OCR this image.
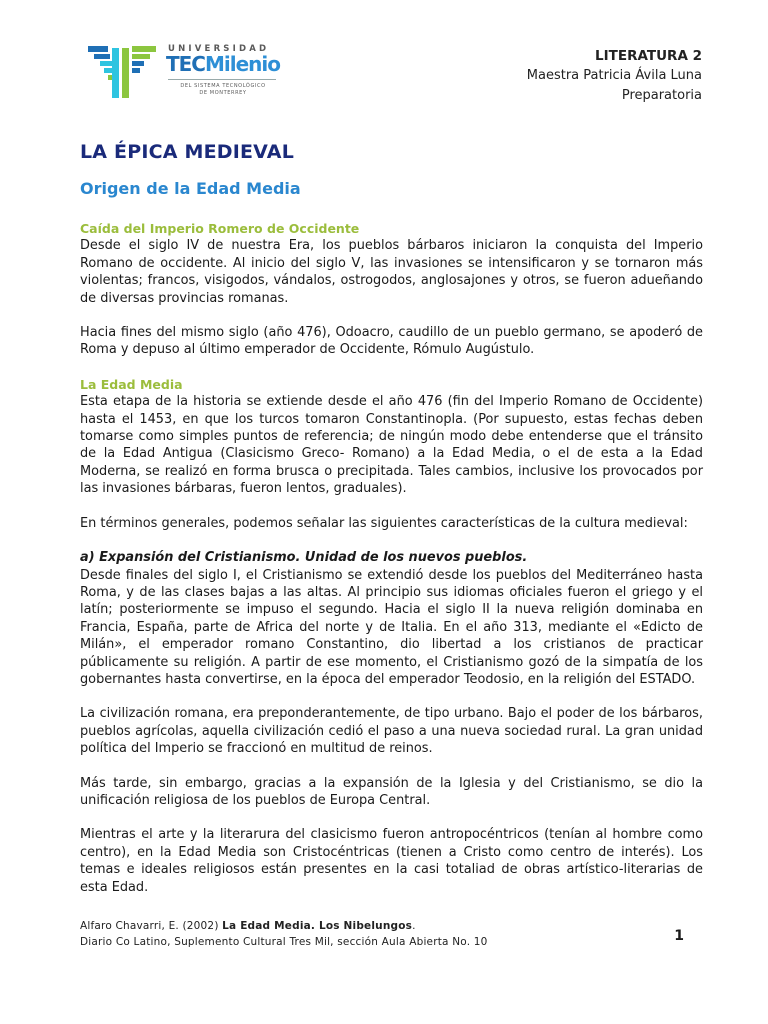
UNIVERSIDAD
TECMilenio
DEL SISTEMA TECNOLÓGICO
DE MONTERREY
LITERATURA 2
Maestra Patricia Ávila Luna
Preparatoria
LA ÉPICA MEDIEVAL
Origen de la Edad Media

Caída del Imperio Romero de Occidente

Desde el siglo IV de nuestra Era, los pueblos bárbaros iniciaron la conquista del Imperio Romano de occidente. Al inicio del siglo V, las invasiones se intensificaron y se tornaron más violentas; francos, visigodos, vándalos, ostrogodos, anglosajones y otros, se fueron adueñando de diversas provincias romanas.

Hacia fines del mismo siglo (año 476), Odoacro, caudillo de un pueblo germano, se apoderó de Roma y depuso al último emperador de Occidente, Rómulo Augústulo.

La Edad Media

Esta etapa de la historia se extiende desde el año 476 (fin del Imperio Romano de Occidente) hasta el 1453, en que los turcos tomaron Constantinopla. (Por supuesto, estas fechas deben tomarse como simples puntos de referencia; de ningún modo debe entenderse que el tránsito de la Edad Antigua (Clasicismo Greco- Romano) a la Edad Media, o el de esta a la Edad Moderna, se realizó en forma brusca o precipitada. Tales cambios, inclusive los provocados por las invasiones bárbaras, fueron lentos, graduales).

En términos generales, podemos señalar las siguientes características de la cultura medieval:

a) Expansión del Cristianismo. Unidad de los nuevos pueblos.

Desde finales del siglo I, el Cristianismo se extendió desde los pueblos del Mediterráneo hasta Roma, y de las clases bajas a las altas. Al principio sus idiomas oficiales fueron el griego y el latín; posteriormente se impuso el segundo. Hacia el siglo II la nueva religión dominaba en Francia, España, parte de Africa del norte y de Italia. En el año 313, mediante el «Edicto de Milán», el emperador romano Constantino, dio libertad a los cristianos de practicar públicamente su religión. A partir de ese momento, el Cristianismo gozó de la simpatía de los gobernantes hasta convertirse, en la época del emperador Teodosio, en la religión del ESTADO.

La civilización romana, era preponderantemente, de tipo urbano. Bajo el poder de los bárbaros, pueblos agrícolas, aquella civilización cedió el paso a una nueva sociedad rural. La gran unidad política del Imperio se fraccionó en multitud de reinos.

Más tarde, sin embargo, gracias a la expansión de la Iglesia y del Cristianismo, se dio la unificación religiosa de los pueblos de Europa Central.

Mientras el arte y la literarura del clasicismo fueron antropocéntricos (tenían al hombre como centro), en la Edad Media son Cristocéntricas (tienen a Cristo como centro de interés). Los temas e ideales religiosos están presentes en la casi totaliad de obras artístico-literarias de esta Edad.

Alfaro Chavarri, E. (2002) La Edad Media. Los Nibelungos.
Diario Co Latino, Suplemento Cultural Tres Mil, sección Aula Abierta No. 10	1
